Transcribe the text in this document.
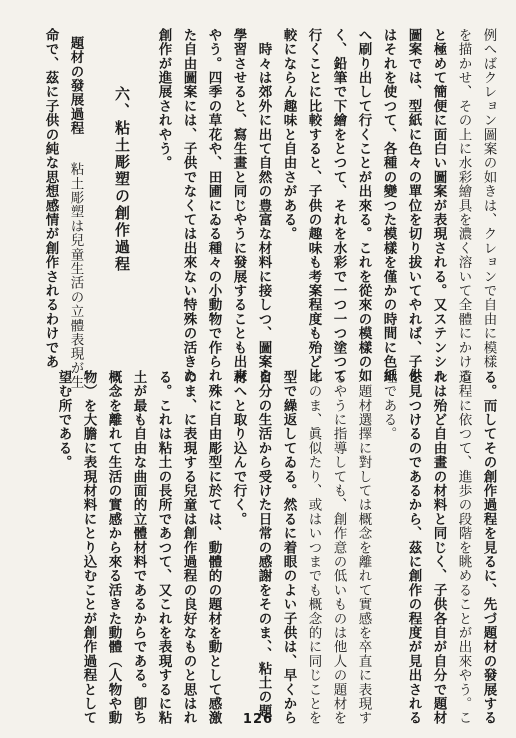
例へばクレョン圖案の如きは、クレョンで自由に模樣
を描かせ、その上に水彩繪具を濃く溶いて全體にかける
と極めて簡便に面白い圖案が表現される。又ステンシル
圖案では、型紙に色々の單位を切り拔いてやれば、子供
はそれを使つて、各種の變つた模樣を僅かの時間に色紙
へ刷り出して行くことが出來る。これを從來の模樣の如
く、鉛筆で下繪をとつて、それを水彩で一つ一つ塗つて
行くことに比較すると、子供の趣味も考案程度も殆ど比
較にならん趣味と自由さがある。
　時々は郊外に出て自然の豊富な材料に接しつ、圖案を
學習させると、寫生畫と同じやうに發展することも出來
やう。四季の草花や、田圃にゐる種々の小動物で作られ
た自由圖案には、子供でなくては出來ない特殊の活きた
創作が進展されやう。
六、粘土彫塑の創作過程
題材の發展過程
　粘土彫塑は兒童生活の立體表現が生
命で、茲に子供の純な思想感情が創作されるわけであ
る。而してその創作過程を見るに、先づ題材の發展する
道程に依つて、進歩の段階を眺めることが出來やう。こ
れは殆ど自由畫の材料と同じく、子供各自が自分で題材
を見つけるのであるから、茲に創作の程度が見出される
理である。
　題材選擇に對しては概念を離れて實感を卒直に表現す
るやうに指導しても、創作意の低いものは他人の題材を
そのま、眞似たり、或はいつまでも概念的に同じことを
型で繰返してゐる。然るに着眼のよい子供は、早くから
自分の生活から受けた日常の感謝をそのま、、粘土の題
材へと取り込んで行く。
　殊に自由彫型に於ては、動體的の題材を動として感激
のま、に表現する兒童は創作過程の良好なものと思はれ
る。これは粘土の長所であつて、又これを表現するに粘
土が最も自由な曲面的立體材料であるからである。卽ち
概念を離れて生活の實感から來る活きた動體（人物や動
物）を大膽に表現材料にとり込むことが創作過程として
望む所である。
126
